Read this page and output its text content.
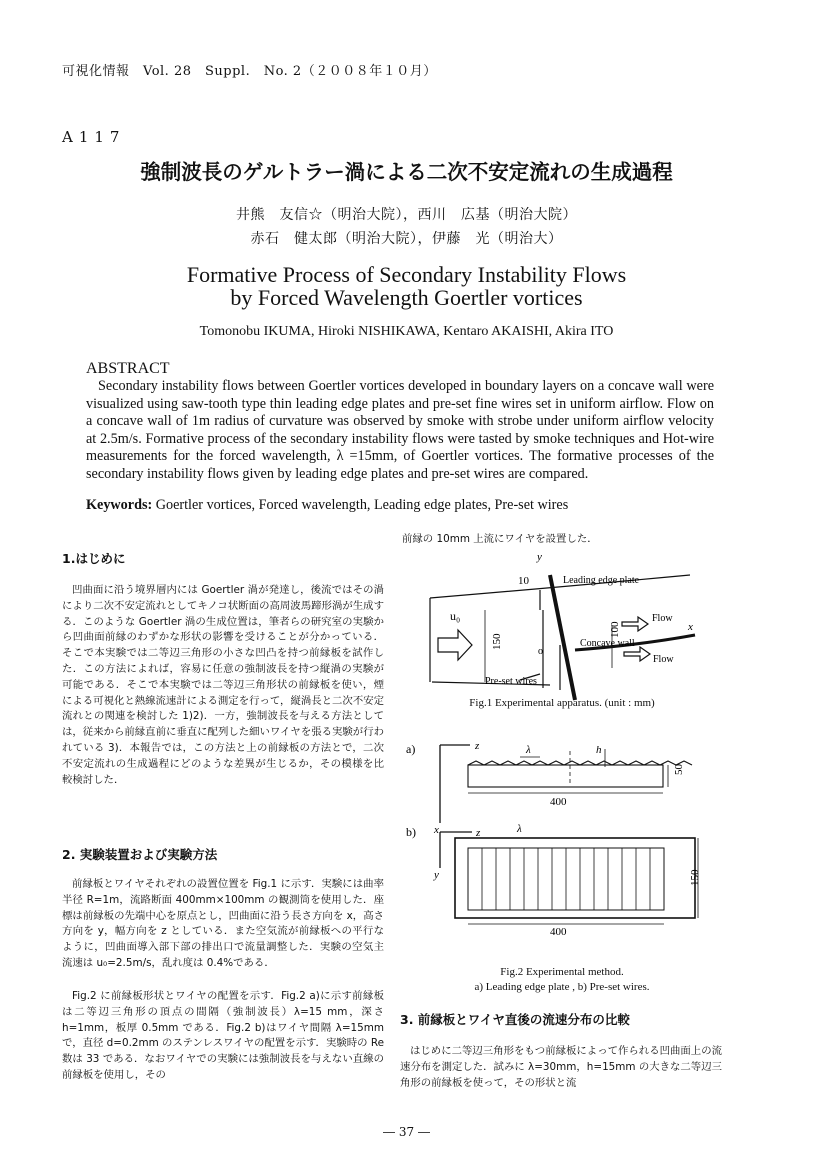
可視化情報　Vol. 28　Suppl.　No. 2（２００８年１０月）
A117
強制波長のゲルトラー渦による二次不安定流れの生成過程
井熊　友信☆（明治大院），西川　広基（明治大院）
赤石　健太郎（明治大院），伊藤　光（明治大）
Formative Process of Secondary Instability Flows
by Forced Wavelength Goertler vortices
Tomonobu IKUMA, Hiroki NISHIKAWA, Kentaro AKAISHI, Akira ITO
ABSTRACT
Secondary instability flows between Goertler vortices developed in boundary layers on a concave wall were visualized using saw-tooth type thin leading edge plates and pre-set fine wires set in uniform airflow. Flow on a concave wall of 1m radius of curvature was observed by smoke with strobe under uniform airflow velocity at 2.5m/s. Formative process of the secondary instability flows were tasted by smoke techniques and Hot-wire measurements for the forced wavelength, λ =15mm, of Goertler vortices. The formative processes of the secondary instability flows given by leading edge plates and pre-set wires are compared.
Keywords: Goertler vortices, Forced wavelength, Leading edge plates, Pre-set wires
1.はじめに
凹曲面に沿う境界層内には Goertler 渦が発達し，後流ではその渦により二次不安定流れとしてキノコ状断面の高周波馬蹄形渦が生成する．このような Goertler 渦の生成位置は，筆者らの研究室の実験から凹曲面前縁のわずかな形状の影響を受けることが分かっている．そこで本実験では二等辺三角形の小さな凹凸を持つ前縁板を試作した．この方法によれば，容易に任意の強制波長を持つ縦渦の実験が可能である．そこで本実験では二等辺三角形状の前縁板を使い，煙による可視化と熱線流速計による測定を行って，縦渦長と二次不安定流れとの関連を検討した 1)2)．一方，強制波長を与える方法としては，従来から前縁直前に垂直に配列した細いワイヤを張る実験が行われている 3)．本報告では，この方法と上の前縁板の方法とで，二次不安定流れの生成過程にどのような差異が生じるか，その模様を比較検討した．
2. 実験装置および実験方法
前縁板とワイヤそれぞれの設置位置を Fig.1 に示す．実験には曲率半径 R=1m，流路断面 400mm×100mm の観測筒を使用した．座標は前縁板の先端中心を原点とし，凹曲面に沿う長さ方向を x，高さ方向を y，幅方向を z としている．また空気流が前縁板への平行なように，凹曲面導入部下部の排出口で流量調整した．実験の空気主流速は u₀=2.5m/s，乱れ度は 0.4%である．
Fig.2 に前縁板形状とワイヤの配置を示す．Fig.2 a)に示す前縁板は二等辺三角形の頂点の間隔（強制波長）λ=15 mm，深さ h=1mm，板厚 0.5mm である．Fig.2 b)はワイヤ間隔 λ=15mm で，直径 d=0.2mm のステンレスワイヤの配置を示す．実験時の Re 数は 33 である．なおワイヤでの実験には強制波長を与えない直線の前縁板を使用し，その
前縁の 10mm 上流にワイヤを設置した．
y
10	Leading edge plate
u₀
150
100
Flow
x
Concave wall
Flow
o
Pre-set wires
Fig.1 Experimental apparatus. (unit : mm)
a)	z
x
λ	h
50
400
b)	z
y
λ
400
150
Fig.2 Experimental method.
a) Leading edge plate , b) Pre-set wires.
3. 前縁板とワイヤ直後の流速分布の比較
はじめに二等辺三角形をもつ前縁板によって作られる凹曲面上の流速分布を測定した．試みに λ=30mm，h=15mm の大きな二等辺三角形の前縁板を使って，その形状と流
― 37 ―
